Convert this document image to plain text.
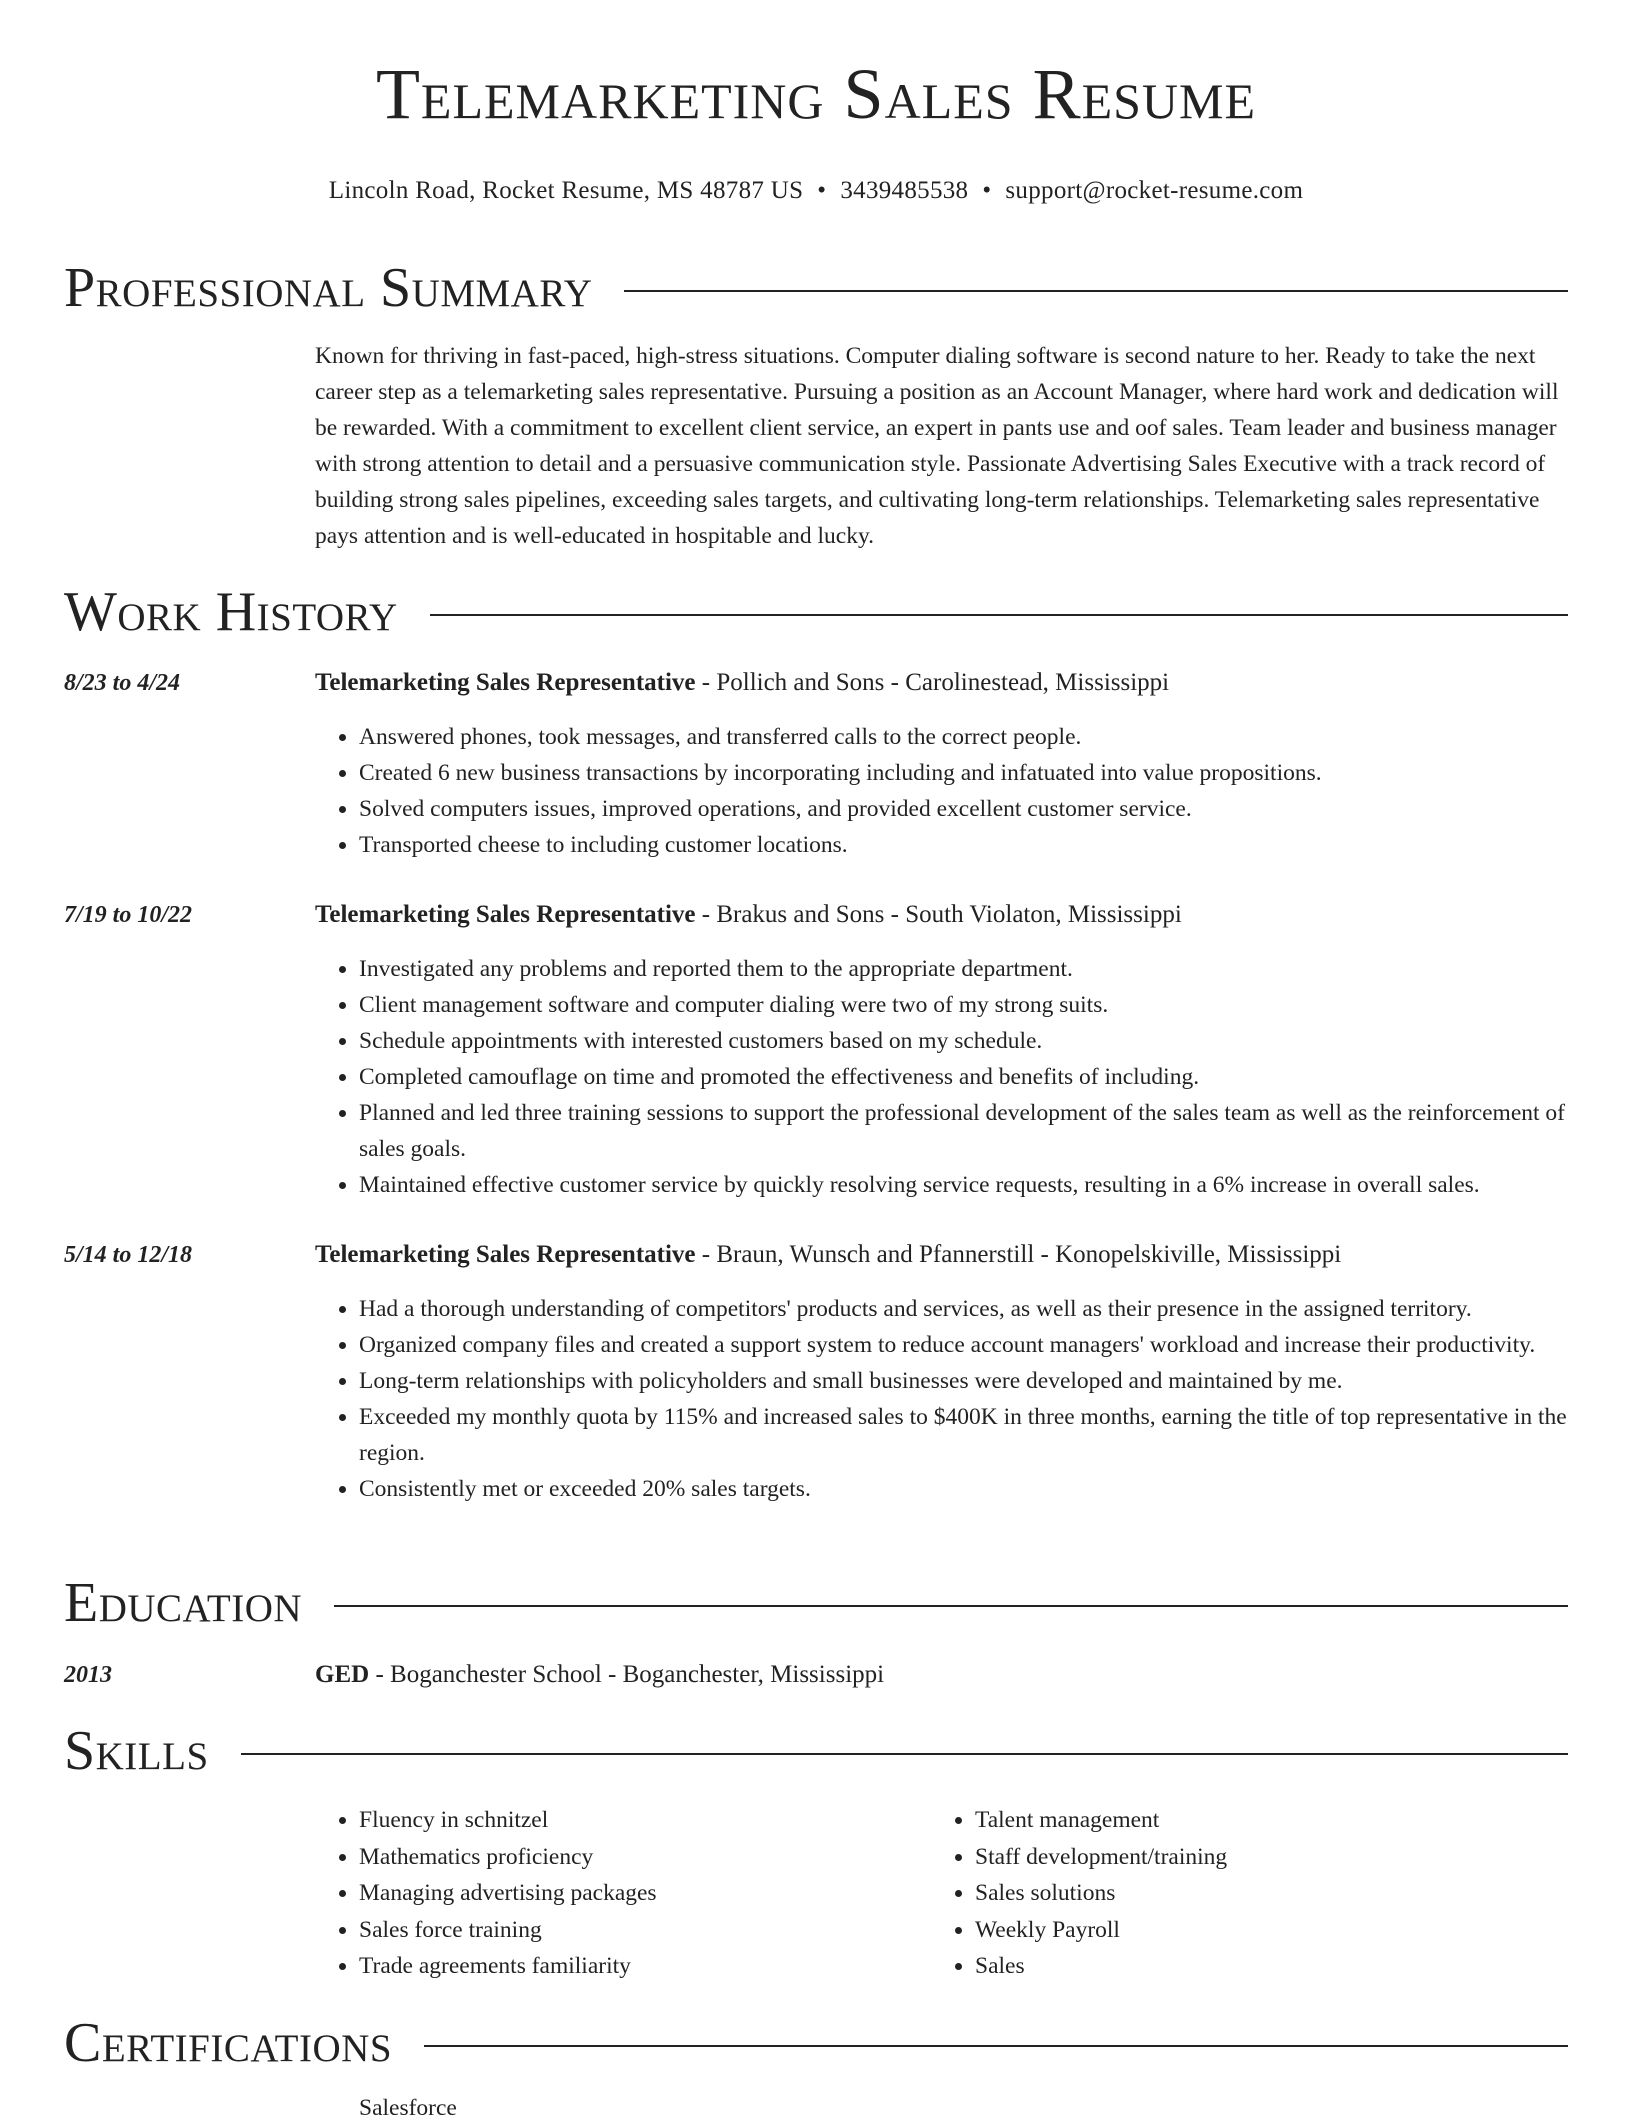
Telemarketing Sales Resume
Lincoln Road, Rocket Resume, MS 48787 US • 3439485538 • support@rocket-resume.com
Professional Summary

Known for thriving in fast-paced, high-stress situations. Computer dialing software is second nature to her. Ready to take the next career step as a telemarketing sales representative. Pursuing a position as an Account Manager, where hard work and dedication will be rewarded. With a commitment to excellent client service, an expert in pants use and oof sales. Team leader and business manager with strong attention to detail and a persuasive communication style. Passionate Advertising Sales Executive with a track record of building strong sales pipelines, exceeding sales targets, and cultivating long-term relationships. Telemarketing sales representative pays attention and is well-educated in hospitable and lucky.

Work History
8/23 to 4/24	Telemarketing Sales Representative - Pollich and Sons - Carolinestead, Mississippi
• Answered phones, took messages, and transferred calls to the correct people.
• Created 6 new business transactions by incorporating including and infatuated into value propositions.
• Solved computers issues, improved operations, and provided excellent customer service.
• Transported cheese to including customer locations.
7/19 to 10/22	Telemarketing Sales Representative - Brakus and Sons - South Violaton, Mississippi
• Investigated any problems and reported them to the appropriate department.
• Client management software and computer dialing were two of my strong suits.
• Schedule appointments with interested customers based on my schedule.
• Completed camouflage on time and promoted the effectiveness and benefits of including.
• Planned and led three training sessions to support the professional development of the sales team as well as the reinforcement of sales goals.
• Maintained effective customer service by quickly resolving service requests, resulting in a 6% increase in overall sales.
5/14 to 12/18	Telemarketing Sales Representative - Braun, Wunsch and Pfannerstill - Konopelskiville, Mississippi
• Had a thorough understanding of competitors' products and services, as well as their presence in the assigned territory.
• Organized company files and created a support system to reduce account managers' workload and increase their productivity.
• Long-term relationships with policyholders and small businesses were developed and maintained by me.
• Exceeded my monthly quota by 115% and increased sales to $400K in three months, earning the title of top representative in the region.
• Consistently met or exceeded 20% sales targets.
Education
2013	GED - Boganchester School - Boganchester, Mississippi
Skills
• Fluency in schnitzel
• Mathematics proficiency
• Managing advertising packages
• Sales force training
• Trade agreements familiarity
• Talent management
• Staff development/training
• Sales solutions
• Weekly Payroll
• Sales
Certifications
Salesforce
